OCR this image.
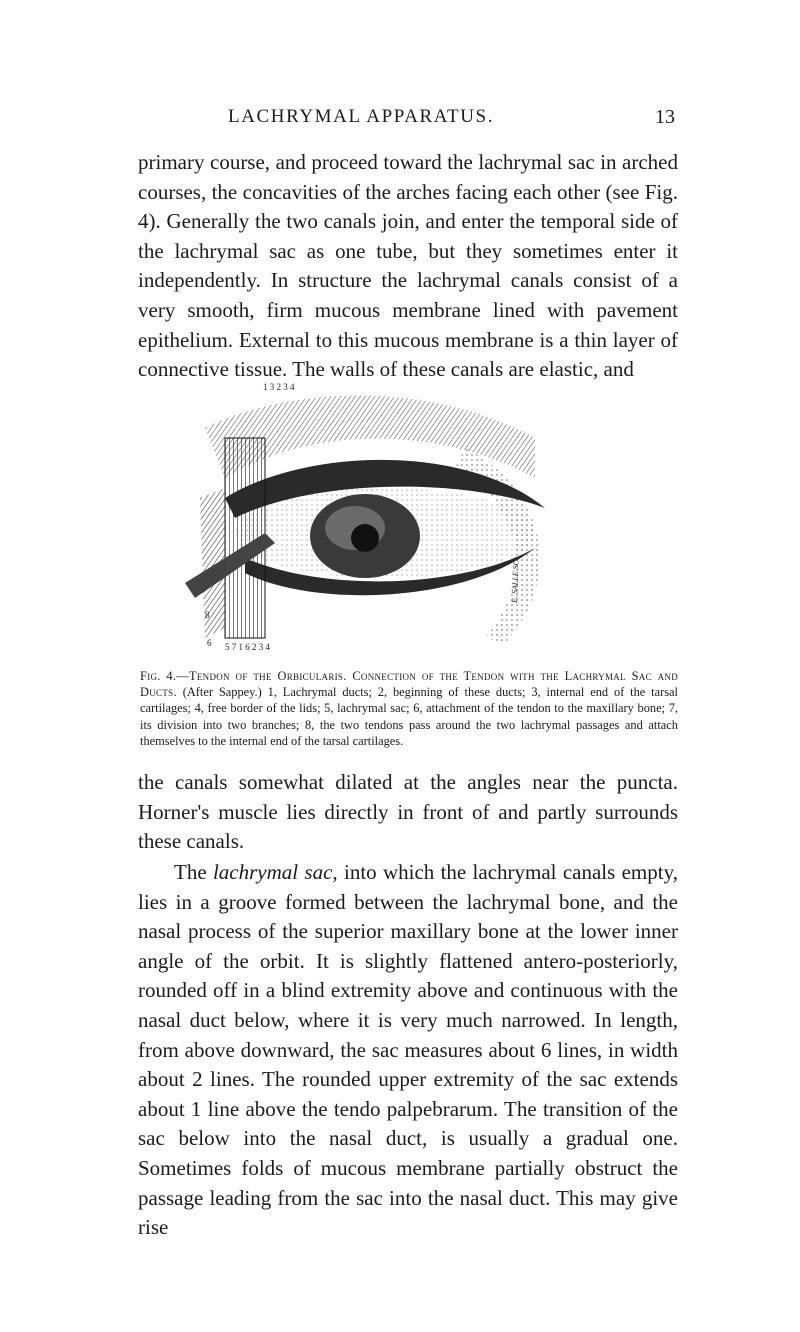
LACHRYMAL APPARATUS.	13

primary course, and proceed toward the lachrymal sac in arched courses, the concavities of the arches facing each other (see Fig. 4). Generally the two canals join, and enter the temporal side of the lachrymal sac as one tube, but they sometimes enter it independently. In structure the lachrymal canals consist of a very smooth, firm mucous membrane lined with pavement epithelium. External to this mucous membrane is a thin layer of connective tissue. The walls of these canals are elastic, and

1 3 2 3 4
5 7 1 6 2 3 4
8
6
E. SALLE SC.

Fig. 4.—Tendon of the Orbicularis. Connection of the Tendon with the Lachrymal Sac and Ducts. (After Sappey.) 1, Lachrymal ducts; 2, beginning of these ducts; 3, internal end of the tarsal cartilages; 4, free border of the lids; 5, lachrymal sac; 6, attachment of the tendon to the maxillary bone; 7, its division into two branches; 8, the two tendons pass around the two lachrymal passages and attach themselves to the internal end of the tarsal cartilages.

the canals somewhat dilated at the angles near the puncta. Horner's muscle lies directly in front of and partly surrounds these canals.

The lachrymal sac, into which the lachrymal canals empty, lies in a groove formed between the lachrymal bone, and the nasal process of the superior maxillary bone at the lower inner angle of the orbit. It is slightly flattened antero-posteriorly, rounded off in a blind extremity above and continuous with the nasal duct below, where it is very much narrowed. In length, from above downward, the sac measures about 6 lines, in width about 2 lines. The rounded upper extremity of the sac extends about 1 line above the tendo palpebrarum. The transition of the sac below into the nasal duct, is usually a gradual one. Sometimes folds of mucous membrane partially obstruct the passage leading from the sac into the nasal duct. This may give rise
